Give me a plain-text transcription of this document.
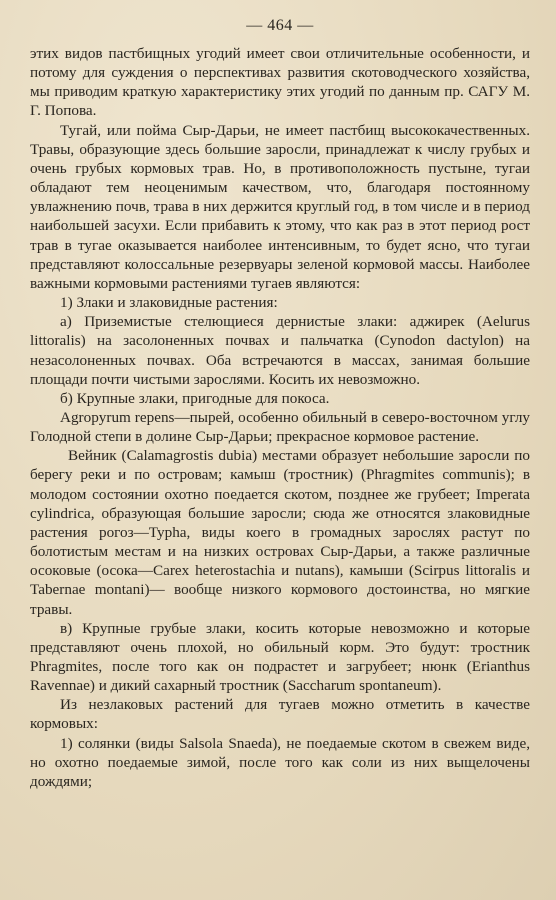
— 464 —

этих видов пастбищных угодий имеет свои отличительные особенности, и потому для суждения о перспективах развития скотоводческого хозяйства, мы приводим краткую характеристику этих угодий по данным пр. САГУ М. Г. Попова.

Тугай, или пойма Сыр-Дарьи, не имеет пастбищ высококачественных. Травы, образующие здесь большие заросли, принадлежат к числу грубых и очень грубых кормовых трав. Но, в противоположность пустыне, тугаи обладают тем неоценимым качеством, что, благодаря постоянному увлажнению почв, трава в них держится круглый год, в том числе и в период наибольшей засухи. Если прибавить к этому, что как раз в этот период рост трав в тугае оказывается наиболее интенсивным, то будет ясно, что тугаи представляют колоссальные резервуары зеленой кормовой массы. Наиболее важными кормовыми растениями тугаев являются:

1) Злаки и злаковидные растения:

а) Приземистые стелющиеся дернистые злаки: аджирек (Aelurus littoralis) на засолоненных почвах и пальчатка (Cynodon dactylon) на незасолоненных почвах. Оба встречаются в массах, занимая большие площади почти чистыми зарослями. Косить их невозможно.

б) Крупные злаки, пригодные для покоса.

Agropyrum repens—пырей, особенно обильный в северо-восточном углу Голодной степи в долине Сыр-Дарьи; прекрасное кормовое растение.

Вейник (Calamagrostis dubia) местами образует небольшие заросли по берегу реки и по островам; камыш (тростник) (Phragmites communis); в молодом состоянии охотно поедается скотом, позднее же грубеет; Imperata cylindrica, образующая большие заросли; сюда же относятся злаковидные растения рогоз—Typha, виды коего в громадных зарослях растут по болотистым местам и на низких островах Сыр-Дарьи, а также различные осоковые (осока—Carex heterostachia и nutans), камыши (Scirpus littoralis и Tabernae montani)— вообще низкого кормового достоинства, но мягкие травы.

в) Крупные грубые злаки, косить которые невозможно и которые представляют очень плохой, но обильный корм. Это будут: тростник Phragmites, после того как он подрастет и загрубеет; нюнк (Erianthus Ravennae) и дикий сахарный тростник (Saccharum spontaneum).

Из незлаковых растений для тугаев можно отметить в качестве кормовых:

1) солянки (виды Salsola Snaeda), не поедаемые скотом в свежем виде, но охотно поедаемые зимой, после того как соли из них выщелочены дождями;
